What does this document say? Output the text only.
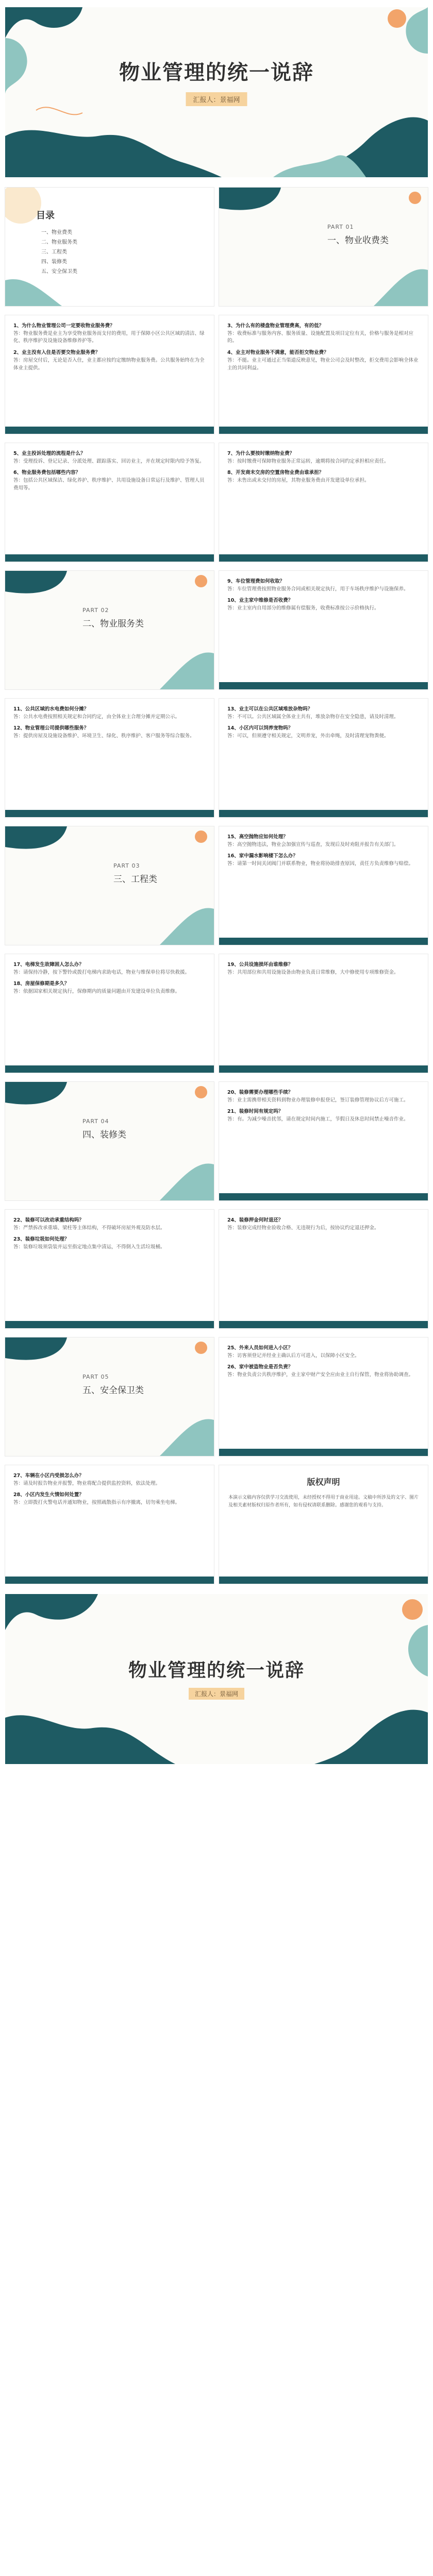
物业管理的统一说辞
汇报人：景福网
目录
一、物业费类
二、物业服务类
三、工程类
四、装修类
五、安全保卫类
PART 01
一、物业收费类
1、为什么物业管理公司一定要收物业服务费？
答：物业服务费是业主为享受物业服务而支付的费用，用于保障小区公共区域的清洁、绿化、秩序维护及设施设备维修养护等。
2、业主没有入住是否要交物业服务费？
答：房屋交付后，无论是否入住，业主都应按约定缴纳物业服务费。公共服务始终在为全体业主提供。
3、为什么有的楼盘物业管理费高，有的低？
答：收费标准与服务内容、服务质量、设施配置及项目定位有关，价格与服务是相对应的。
4、业主对物业服务不满意，能否拒交物业费？
答：不能。业主可通过正当渠道反映意见，物业公司会及时整改，拒交费用会影响全体业主的共同利益。
5、业主投诉处理的流程是什么？
答：受理投诉、登记记录、分派处理、跟踪落实、回访业主，并在规定时限内给予答复。
6、物业服务费包括哪些内容？
答：包括公共区域保洁、绿化养护、秩序维护、共用设施设备日常运行及维护、管理人员费用等。
7、为什么要按时缴纳物业费？
答：按时缴费可保障物业服务正常运转，逾期将按合同约定承担相应责任。
8、开发商未交房的空置房物业费由谁承担？
答：未售出或未交付的房屋，其物业服务费由开发建设单位承担。
PART 02
二、物业服务类
9、车位管理费如何收取？
答：车位管理费按照物业服务合同或相关规定执行，用于车场秩序维护与设施保养。
10、业主家中维修是否收费？
答：业主室内自用部分的维修属有偿服务，收费标准按公示价格执行。
11、公共区域的水电费如何分摊？
答：公共水电费按照相关规定和合同约定，由全体业主合理分摊并定期公示。
12、物业管理公司提供哪些服务？
答：提供房屋及设施设备维护、环境卫生、绿化、秩序维护、客户服务等综合服务。
13、业主可以在公共区域堆放杂物吗？
答：不可以。公共区域属全体业主共有，堆放杂物存在安全隐患，请及时清理。
14、小区内可以饲养宠物吗？
答：可以，但须遵守相关规定，文明养宠，外出牵绳，及时清理宠物粪便。
PART 03
三、工程类
15、高空抛物应如何处理？
答：高空抛物违法，物业会加强宣传与巡查，发现后及时劝阻并报告有关部门。
16、家中漏水影响楼下怎么办？
答：请第一时间关闭阀门并联系物业，物业将协助排查原因，责任方负责维修与赔偿。
17、电梯发生故障困人怎么办？
答：请保持冷静，按下警铃或拨打电梯内求助电话，物业与维保单位将尽快救援。
18、房屋保修期是多久？
答：依据国家相关规定执行，保修期内的质量问题由开发建设单位负责维修。
19、公共设施损坏由谁维修？
答：共用部位和共用设施设备由物业负责日常维修，大中修使用专项维修资金。
PART 04
四、装修类
20、装修需要办理哪些手续？
答：业主需携带相关资料到物业办理装修申报登记，签订装修管理协议后方可施工。
21、装修时间有规定吗？
答：有。为减少噪音扰邻，请在规定时间内施工，节假日及休息时间禁止噪音作业。
22、装修可以改动承重结构吗？
答：严禁拆改承重墙、梁柱等主体结构，不得破坏房屋外观及防水层。
23、装修垃圾如何处理？
答：装修垃圾须袋装并运至指定地点集中清运，不得倒入生活垃圾桶。
24、装修押金何时退还？
答：装修完成经物业验收合格、无违规行为后，按协议约定退还押金。
PART 05
五、安全保卫类
25、外来人员如何进入小区？
答：访客须登记并经业主确认后方可进入，以保障小区安全。
26、家中被盗物业是否负责？
答：物业负责公共秩序维护，业主家中财产安全应由业主自行保管，物业将协助调查。
27、车辆在小区内受损怎么办？
答：请及时报告物业并报警，物业将配合提供监控资料，依法处理。
28、小区内发生火情如何处置？
答：立即拨打火警电话并通知物业，按照疏散指示有序撤离，切勿乘坐电梯。
版权声明
本演示文稿内容仅供学习交流使用，未经授权不得用于商业用途。文稿中所涉及的文字、图片及相关素材版权归原作者所有，如有侵权请联系删除。感谢您的观看与支持。
物业管理的统一说辞
汇报人：景福网
